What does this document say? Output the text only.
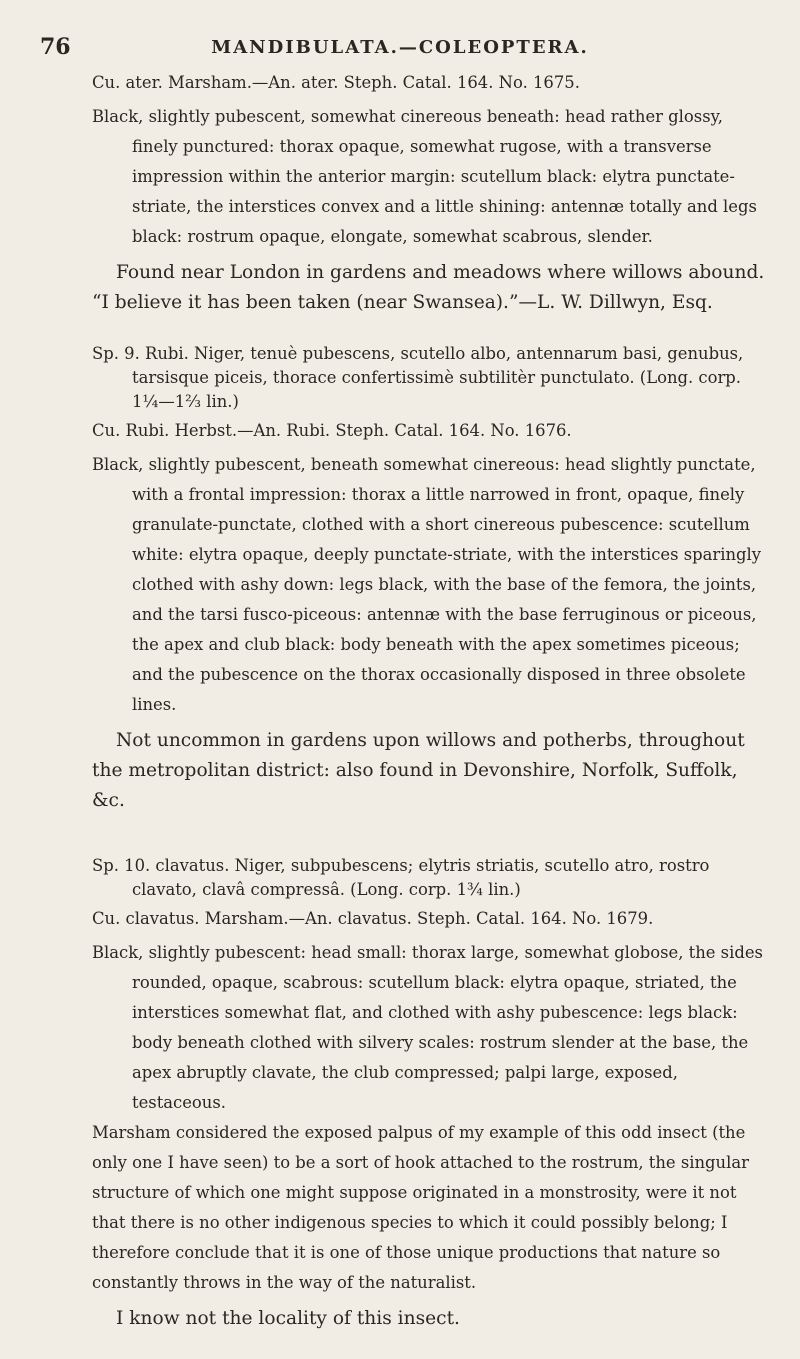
76	MANDIBULATA.—COLEOPTERA.

Cu. ater. Marsham.—An. ater. Steph. Catal. 164. No. 1675.

Black, slightly pubescent, somewhat cinereous beneath: head rather glossy, finely punctured: thorax opaque, somewhat rugose, with a transverse impression within the anterior margin: scutellum black: elytra punctate-striate, the interstices convex and a little shining: antennæ totally and legs black: rostrum opaque, elongate, somewhat scabrous, slender.

Found near London in gardens and meadows where willows abound. “I believe it has been taken (near Swansea).”—L. W. Dillwyn, Esq.

Sp. 9. Rubi. Niger, tenuè pubescens, scutello albo, antennarum basi, genubus, tarsisque piceis, thorace confertissimè subtilitèr punctulato. (Long. corp. 1¼—1⅔ lin.)

Cu. Rubi. Herbst.—An. Rubi. Steph. Catal. 164. No. 1676.

Black, slightly pubescent, beneath somewhat cinereous: head slightly punctate, with a frontal impression: thorax a little narrowed in front, opaque, finely granulate-punctate, clothed with a short cinereous pubescence: scutellum white: elytra opaque, deeply punctate-striate, with the interstices sparingly clothed with ashy down: legs black, with the base of the femora, the joints, and the tarsi fusco-piceous: antennæ with the base ferruginous or piceous, the apex and club black: body beneath with the apex sometimes piceous; and the pubescence on the thorax occasionally disposed in three obsolete lines.

Not uncommon in gardens upon willows and potherbs, throughout the metropolitan district: also found in Devonshire, Norfolk, Suffolk, &c.

Sp. 10. clavatus. Niger, subpubescens; elytris striatis, scutello atro, rostro clavato, clavâ compressâ. (Long. corp. 1¾ lin.)

Cu. clavatus. Marsham.—An. clavatus. Steph. Catal. 164. No. 1679.

Black, slightly pubescent: head small: thorax large, somewhat globose, the sides rounded, opaque, scabrous: scutellum black: elytra opaque, striated, the interstices somewhat flat, and clothed with ashy pubescence: legs black: body beneath clothed with silvery scales: rostrum slender at the base, the apex abruptly clavate, the club compressed; palpi large, exposed, testaceous.

Marsham considered the exposed palpus of my example of this odd insect (the only one I have seen) to be a sort of hook attached to the rostrum, the singular structure of which one might suppose originated in a monstrosity, were it not that there is no other indigenous species to which it could possibly belong; I therefore conclude that it is one of those unique productions that nature so constantly throws in the way of the naturalist.

I know not the locality of this insect.
